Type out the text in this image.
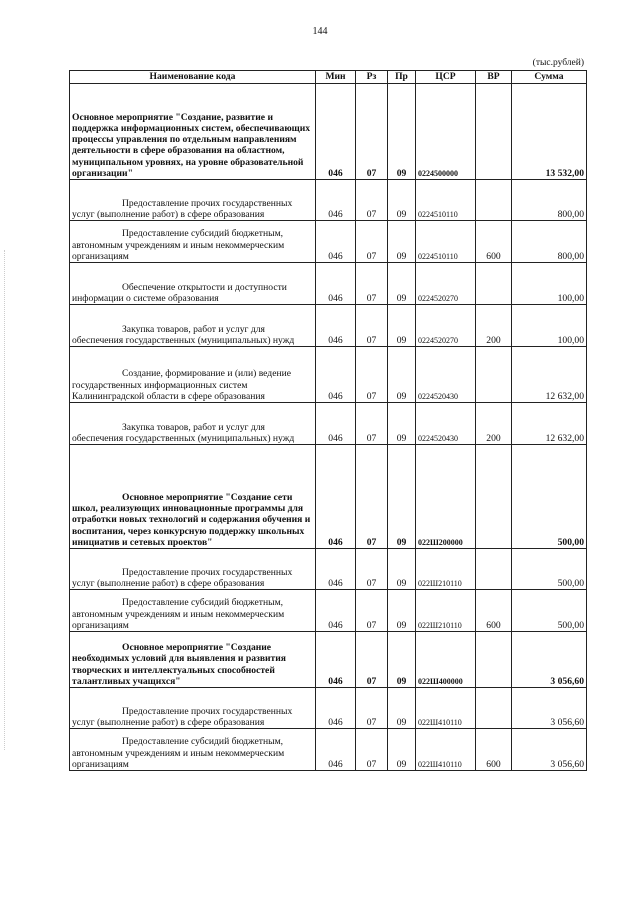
144
(тыс.рублей)
Наименование кода	Мин	Рз	Пр	ЦСР	ВР	Сумма
Основное мероприятие "Создание, развитие и поддержка информационных систем, обеспечивающих процессы управления по отдельным направлениям деятельности в сфере образования на областном, муниципальном уровнях, на уровне образовательной организации"	046	07	09	0224500000		13 532,00
Предоставление прочих государственных услуг (выполнение работ) в сфере образования	046	07	09	0224510110		800,00
Предоставление субсидий бюджетным, автономным учреждениям и иным некоммерческим организациям	046	07	09	0224510110	600	800,00
Обеспечение открытости и доступности информации о системе образования	046	07	09	0224520270		100,00
Закупка товаров, работ и услуг для обеспечения государственных (муниципальных) нужд	046	07	09	0224520270	200	100,00
Создание, формирование и (или) ведение государственных информационных систем Калининградской области в сфере образования	046	07	09	0224520430		12 632,00
Закупка товаров, работ и услуг для обеспечения государственных (муниципальных) нужд	046	07	09	0224520430	200	12 632,00
Основное мероприятие "Создание сети школ, реализующих инновационные программы для отработки новых технологий и содержания обучения и воспитания, через конкурсную поддержку школьных инициатив и сетевых проектов"	046	07	09	022Ш200000		500,00
Предоставление прочих государственных услуг (выполнение работ) в сфере образования	046	07	09	022Ш210110		500,00
Предоставление субсидий бюджетным, автономным учреждениям и иным некоммерческим организациям	046	07	09	022Ш210110	600	500,00
Основное мероприятие "Создание необходимых условий для выявления и развития творческих и интеллектуальных способностей талантливых учащихся"	046	07	09	022Ш400000		3 056,60
Предоставление прочих государственных услуг (выполнение работ) в сфере образования	046	07	09	022Ш410110		3 056,60
Предоставление субсидий бюджетным, автономным учреждениям и иным некоммерческим организациям	046	07	09	022Ш410110	600	3 056,60
